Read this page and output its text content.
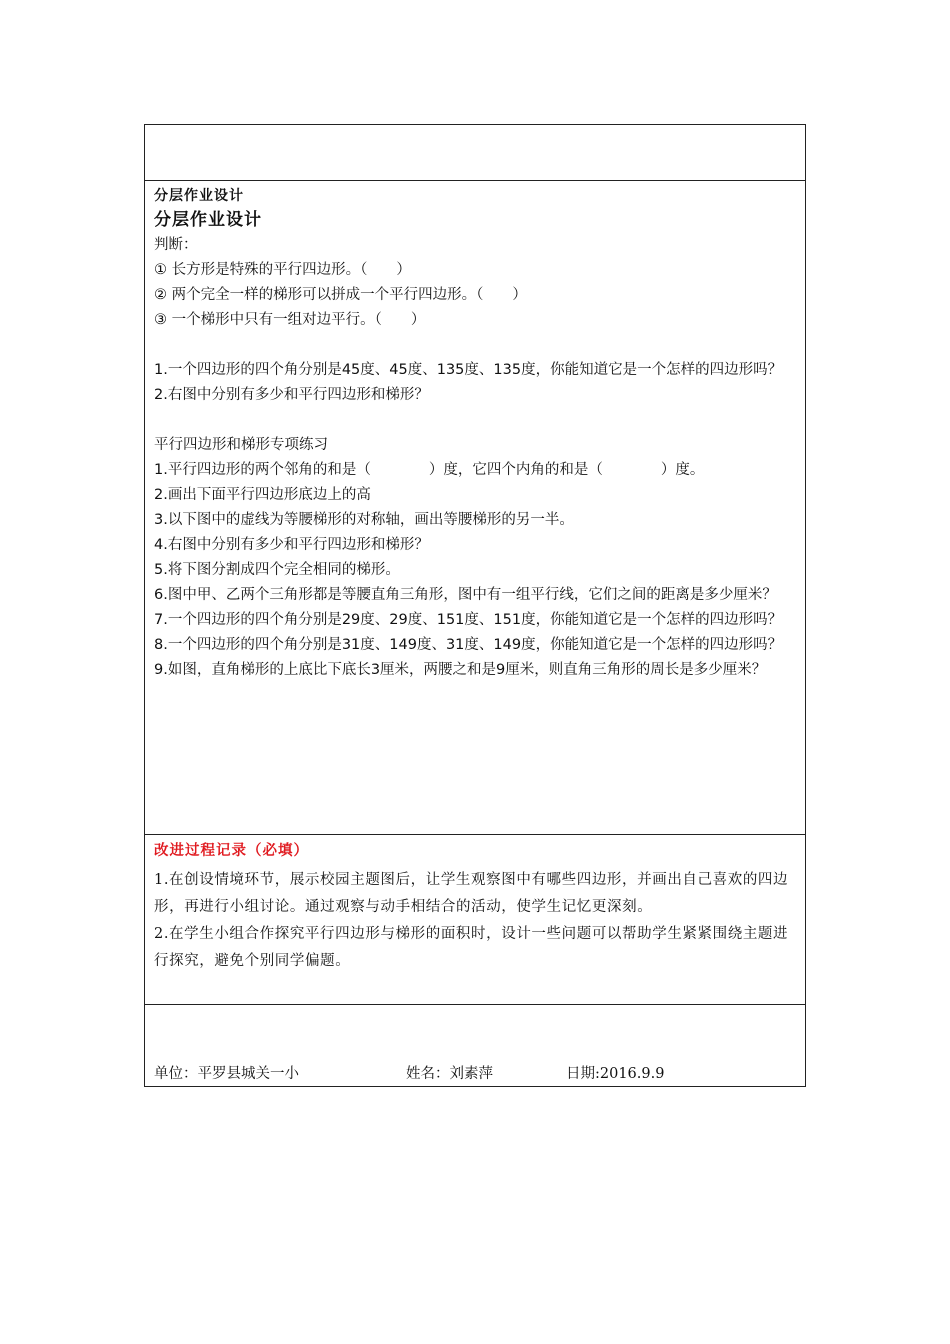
分层作业设计
分层作业设计
判断：
① 长方形是特殊的平行四边形。（　　）
② 两个完全一样的梯形可以拼成一个平行四边形。（　　）
③ 一个梯形中只有一组对边平行。（　　）
1.一个四边形的四个角分别是45度、45度、135度、135度，你能知道它是一个怎样的四边形吗？
2.右图中分别有多少和平行四边形和梯形？
平行四边形和梯形专项练习
1.平行四边形的两个邻角的和是（　　　　）度，它四个内角的和是（　　　　）度。
2.画出下面平行四边形底边上的高
3.以下图中的虚线为等腰梯形的对称轴，画出等腰梯形的另一半。
4.右图中分别有多少和平行四边形和梯形？
5.将下图分割成四个完全相同的梯形。
6.图中甲、乙两个三角形都是等腰直角三角形，图中有一组平行线，它们之间的距离是多少厘米？
7.一个四边形的四个角分别是29度、29度、151度、151度，你能知道它是一个怎样的四边形吗？
8.一个四边形的四个角分别是31度、149度、31度、149度，你能知道它是一个怎样的四边形吗？
9.如图，直角梯形的上底比下底长3厘米，两腰之和是9厘米，则直角三角形的周长是多少厘米？
改进过程记录（必填）
1.在创设情境环节，展示校园主题图后，让学生观察图中有哪些四边形，并画出自己喜欢的四边形，再进行小组讨论。通过观察与动手相结合的活动，使学生记忆更深刻。
2.在学生小组合作探究平行四边形与梯形的面积时，设计一些问题可以帮助学生紧紧围绕主题进行探究，避免个别同学偏题。
单位：平罗县城关一小	姓名：刘素萍	日期:2016.9.9
